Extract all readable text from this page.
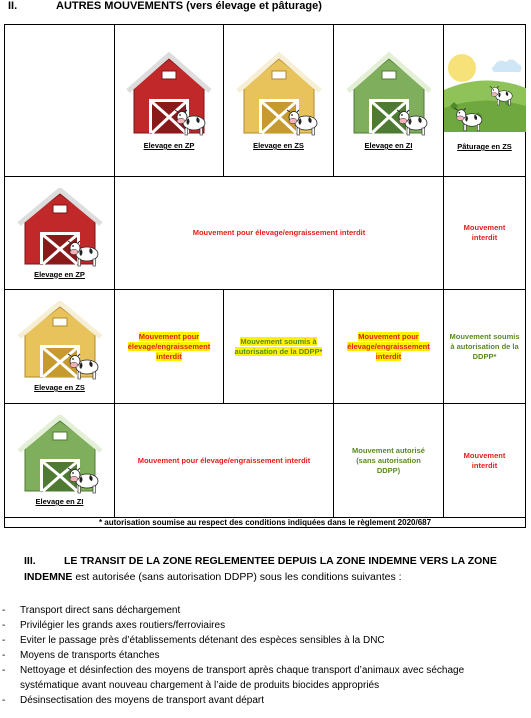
II.	AUTRES MOUVEMENTS (vers élevage et pâturage)

	Elevage en ZP	Elevage en ZS	Elevage en ZI	Pâturage en ZS

Elevage en ZP	Mouvement pour élevage/engraissement interdit			Mouvement interdit

Elevage en ZS	Mouvement pour élevage/engraissement interdit	Mouvement soumis à autorisation de la DDPP*	Mouvement pour élevage/engraissement interdit	Mouvement soumis à autorisation de la DDPP*

Elevage en ZI	Mouvement pour élevage/engraissement interdit		Mouvement autorisé (sans autorisation DDPP)	Mouvement interdit

* autorisation soumise au respect des conditions indiquées dans le règlement 2020/687				
III.	LE TRANSIT DE LA ZONE REGLEMENTEE DEPUIS LA ZONE INDEMNE VERS LA ZONE INDEMNE est autorisée (sans autorisation DDPP) sous les conditions suivantes :
- Transport direct sans déchargement
- Privilégier les grands axes routiers/ferroviaires
- Eviter le passage près d’établissements détenant des espèces sensibles à la DNC
- Moyens de transports étanches
- Nettoyage et désinfection des moyens de transport après chaque transport d’animaux avec séchage systématique avant nouveau chargement à l’aide de produits biocides appropriés
- Désinsectisation des moyens de transport avant départ
